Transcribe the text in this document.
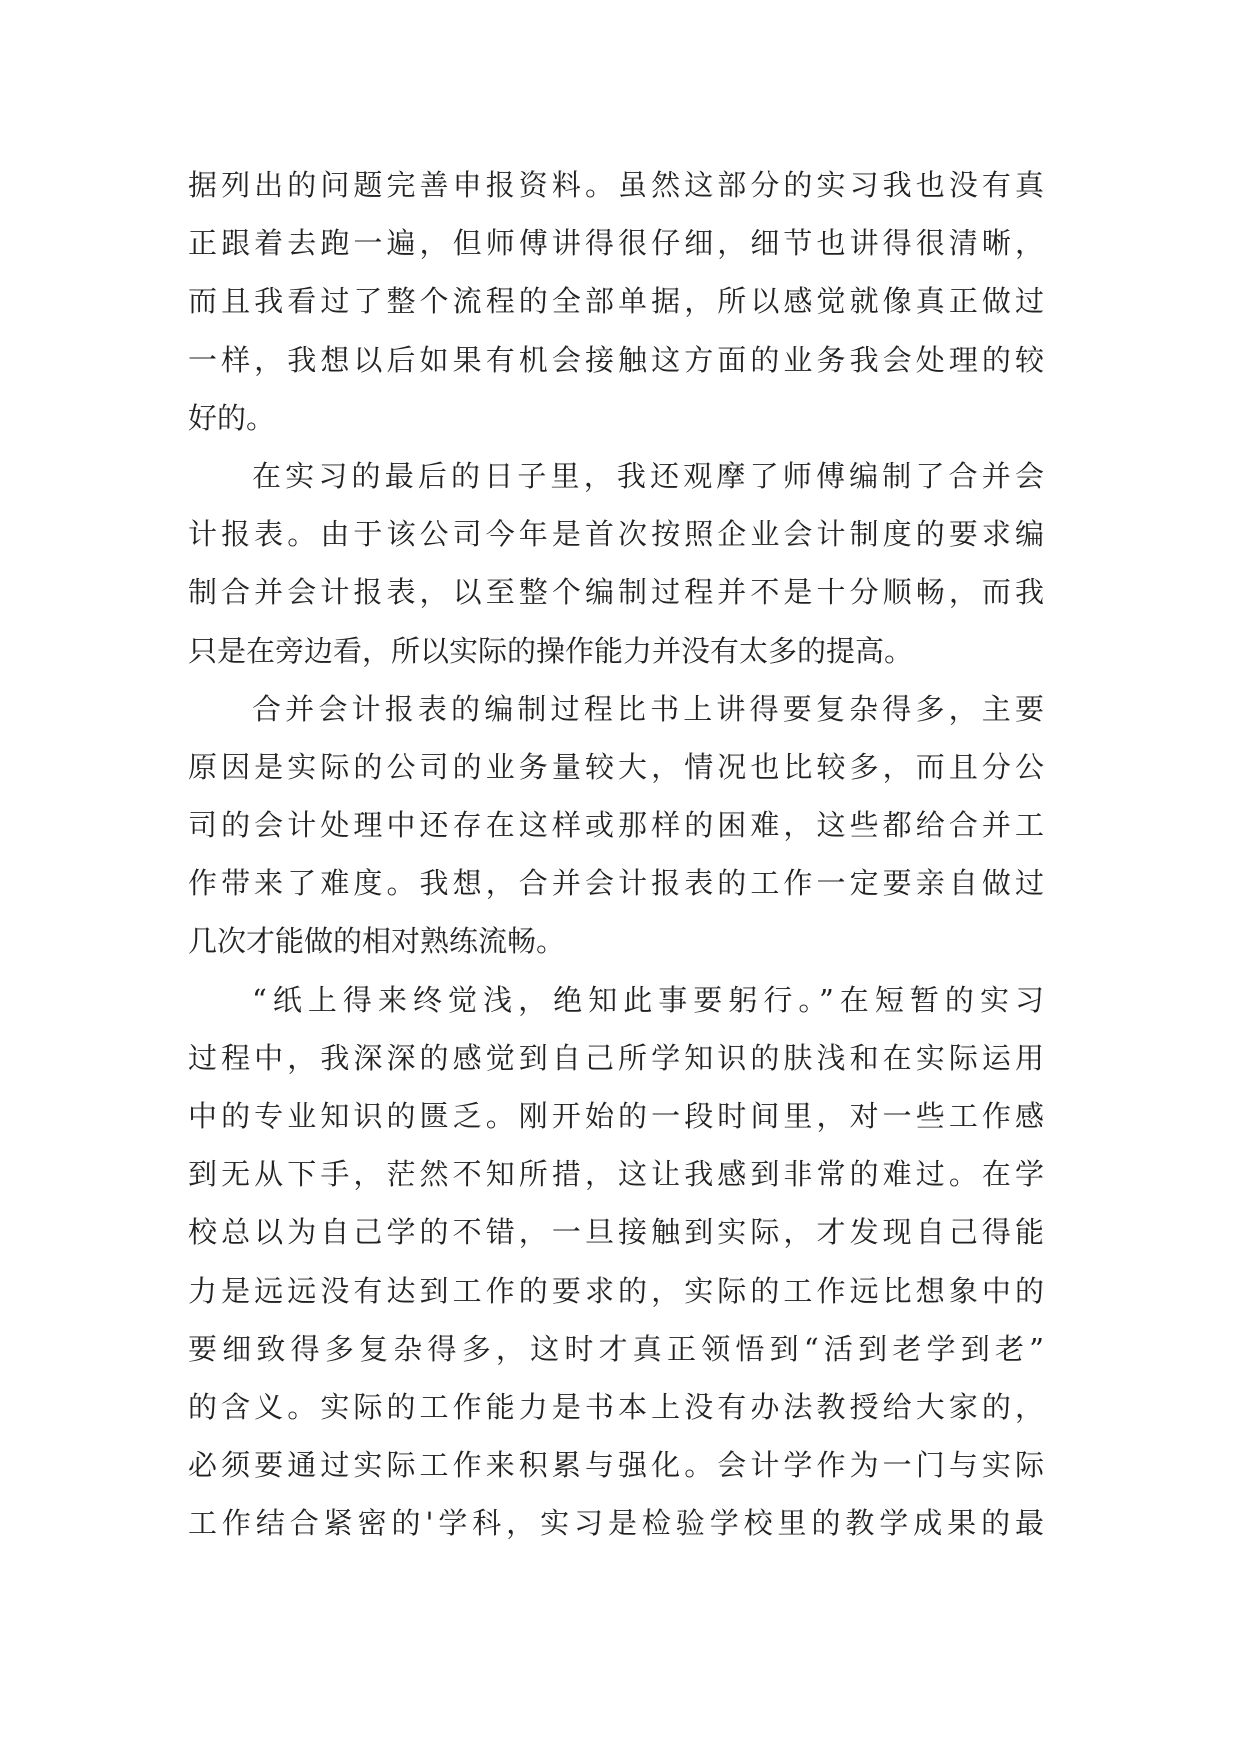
据列出的问题完善申报资料。虽然这部分的实习我也没有真
正跟着去跑一遍，但师傅讲得很仔细，细节也讲得很清晰，
而且我看过了整个流程的全部单据，所以感觉就像真正做过
一样，我想以后如果有机会接触这方面的业务我会处理的较
好的。
在实习的最后的日子里，我还观摩了师傅编制了合并会
计报表。由于该公司今年是首次按照企业会计制度的要求编
制合并会计报表，以至整个编制过程并不是十分顺畅，而我
只是在旁边看，所以实际的操作能力并没有太多的提高。
合并会计报表的编制过程比书上讲得要复杂得多，主要
原因是实际的公司的业务量较大，情况也比较多，而且分公
司的会计处理中还存在这样或那样的困难，这些都给合并工
作带来了难度。我想，合并会计报表的工作一定要亲自做过
几次才能做的相对熟练流畅。
“纸上得来终觉浅，绝知此事要躬行。”在短暂的实习
过程中，我深深的感觉到自己所学知识的肤浅和在实际运用
中的专业知识的匮乏。刚开始的一段时间里，对一些工作感
到无从下手，茫然不知所措，这让我感到非常的难过。在学
校总以为自己学的不错，一旦接触到实际，才发现自己得能
力是远远没有达到工作的要求的，实际的工作远比想象中的
要细致得多复杂得多，这时才真正领悟到“活到老学到老”
的含义。实际的工作能力是书本上没有办法教授给大家的，
必须要通过实际工作来积累与强化。会计学作为一门与实际
工作结合紧密的'学科，实习是检验学校里的教学成果的最
